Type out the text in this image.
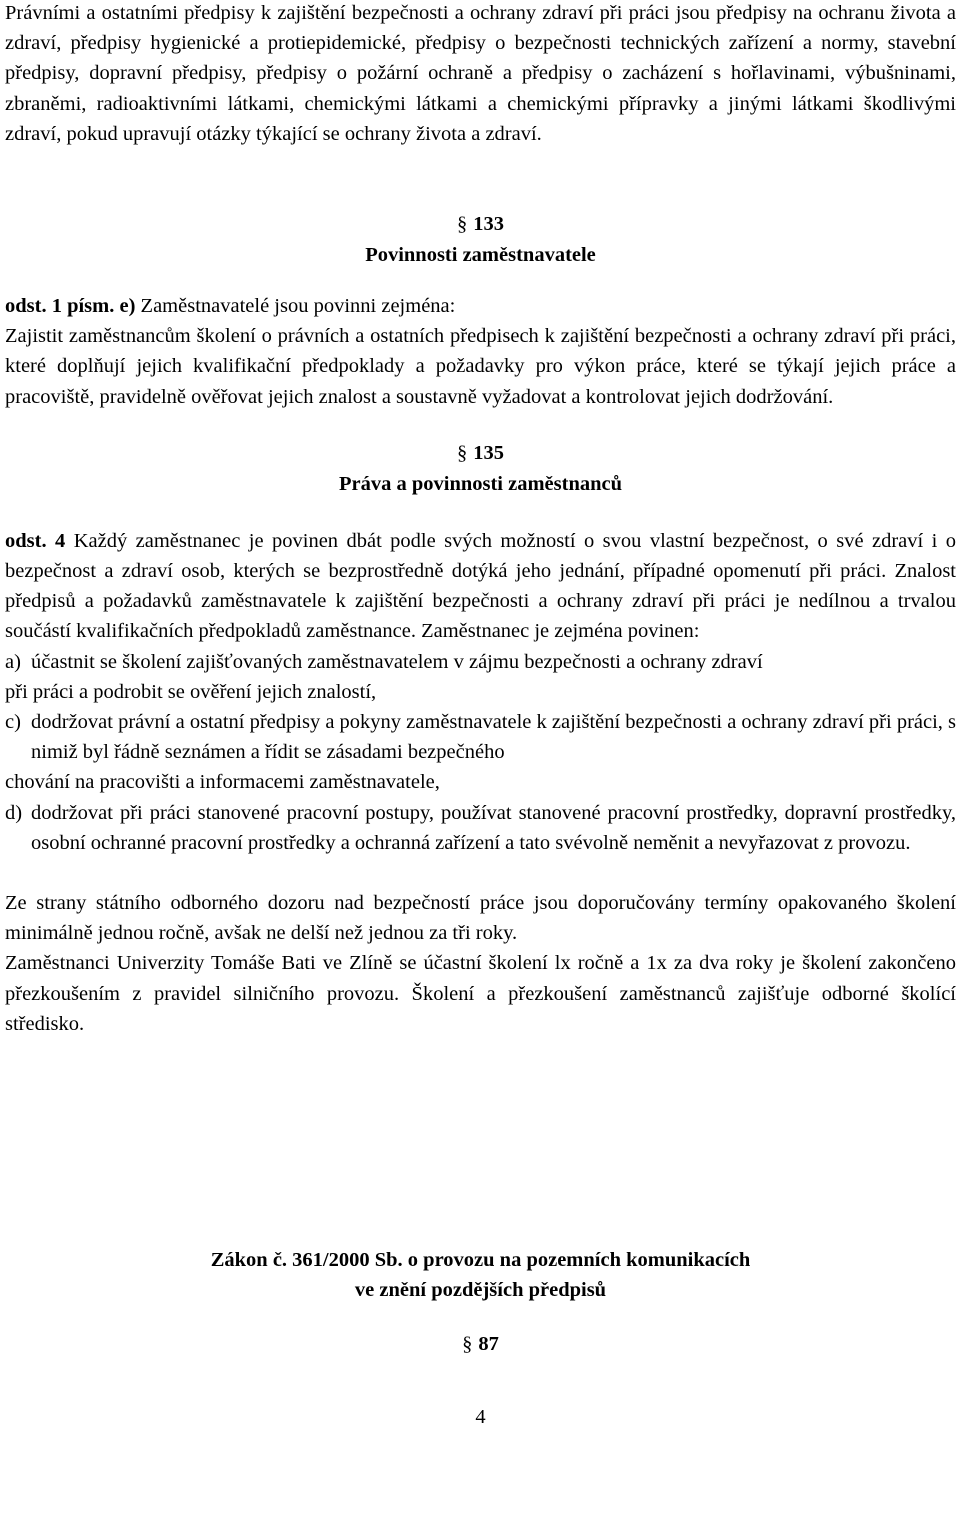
Právními a ostatními předpisy k zajištění bezpečnosti a ochrany zdraví při práci jsou předpisy na ochranu života a zdraví, předpisy hygienické a protiepidemické, předpisy o bezpečnosti technických zařízení a normy, stavební předpisy, dopravní předpisy, předpisy o požární ochraně a předpisy o zacházení s hořlavinami, výbušninami, zbraněmi, radioaktivními látkami, chemickými látkami a chemickými přípravky a jinými látkami škodlivými zdraví, pokud upravují otázky týkající se ochrany života a zdraví.

§ 133
Povinnosti zaměstnavatele

odst. 1 písm. e) Zaměstnavatelé jsou povinni zejména:

Zajistit zaměstnancům školení o právních a ostatních předpisech k zajištění bezpečnosti a ochrany zdraví při práci, které doplňují jejich kvalifikační předpoklady a požadavky pro výkon práce, které se týkají jejich práce a pracoviště, pravidelně ověřovat jejich znalost a soustavně vyžadovat a kontrolovat jejich dodržování.

§ 135
Práva a povinnosti zaměstnanců

odst. 4 Každý zaměstnanec je povinen dbát podle svých možností o svou vlastní bezpečnost, o své zdraví i o bezpečnost a zdraví osob, kterých se bezprostředně dotýká jeho jednání, případné opomenutí při práci. Znalost předpisů a požadavků zaměstnavatele k zajištění bezpečnosti a ochrany zdraví při práci je nedílnou a trvalou součástí kvalifikačních předpokladů zaměstnance. Zaměstnanec je zejména povinen:

a) účastnit se školení zajišťovaných zaměstnavatelem v zájmu bezpečnosti a ochrany zdraví

při práci a podrobit se ověření jejich znalostí,

c) dodržovat právní a ostatní předpisy a pokyny zaměstnavatele k zajištění bezpečnosti a ochrany zdraví při práci, s nimiž byl řádně seznámen a řídit se zásadami bezpečného

chování na pracovišti a informacemi zaměstnavatele,

d) dodržovat při práci stanovené pracovní postupy, používat stanovené pracovní prostředky, dopravní prostředky, osobní ochranné pracovní prostředky a ochranná zařízení a tato svévolně neměnit a nevyřazovat z provozu.

Ze strany státního odborného dozoru nad bezpečností práce jsou doporučovány termíny opakovaného školení minimálně jednou ročně, avšak ne delší než jednou za tři roky.

Zaměstnanci Univerzity Tomáše Bati ve Zlíně se účastní školení lx ročně a 1x za dva roky je školení zakončeno přezkoušením z pravidel silničního provozu. Školení a přezkoušení zaměstnanců zajišťuje odborné školící středisko.

Zákon č. 361/2000 Sb. o provozu na pozemních komunikacích
ve znění pozdějších předpisů
§ 87
4
